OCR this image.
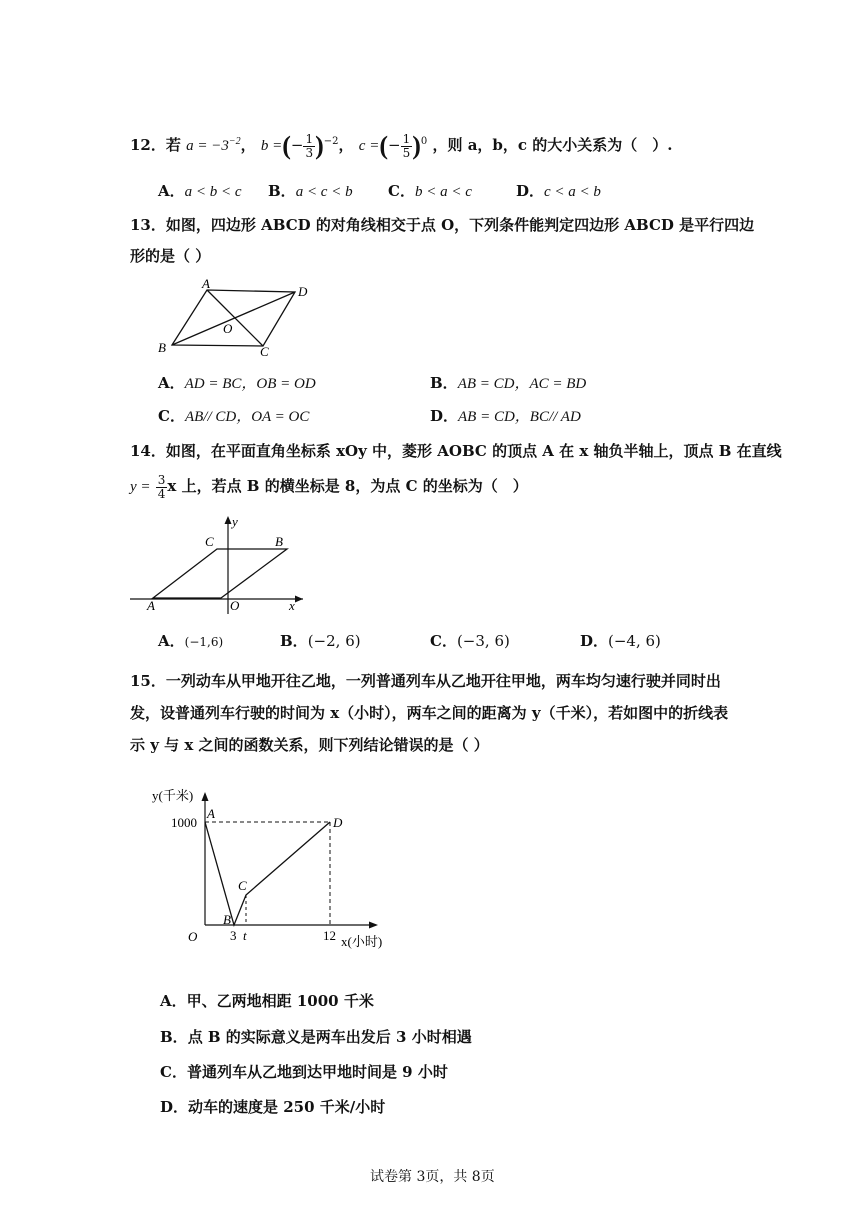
12．若 $a = -3^{-2}$， b =(− $\frac{1}{3} )^{-2}$， c =(− $\frac{1}{5} )^0$ ，则 a，b，c 的大小关系为（　）.
A．a < b < c B．a < c < b C．b < a < c	D．c < a < b
13．如图，四边形 ABCD 的对角线相交于点 O，下列条件能判定四边形 ABCD 是平行四边
形的是（ ）
A
D
O
B	C
A．AD = BC，OB = OD	B．AB = CD，AC = BD
C．AB// CD，OA = OC	D．AB = CD，BC// AD
14．如图，在平面直角坐标系 xOy 中，菱形 AOBC 的顶点 A 在 x 轴负半轴上，顶点 B 在直线
$y = \frac{3}{4}$ x 上，若点 B 的横坐标是 8，为点 C 的坐标为（　）
y
x
C	B
A	O
A．(−1,6)	B．(−2, 6)	C．(−3, 6)	D．(−4, 6)
15．一列动车从甲地开往乙地，一列普通列车从乙地开往甲地，两车均匀速行驶并同时出
发，设普通列车行驶的时间为 x（小时），两车之间的距离为 y（千米），若如图中的折线表
示 y 与 x 之间的函数关系，则下列结论错误的是（ ）
y(千米)
x(小时)
O
1000
3 t	12
A
B
C
D
A．甲、乙两地相距 1000 千米
B．点 B 的实际意义是两车出发后 3 小时相遇
C．普通列车从乙地到达甲地时间是 9 小时
D．动车的速度是 250 千米/小时
试卷第 3页，共 8页
